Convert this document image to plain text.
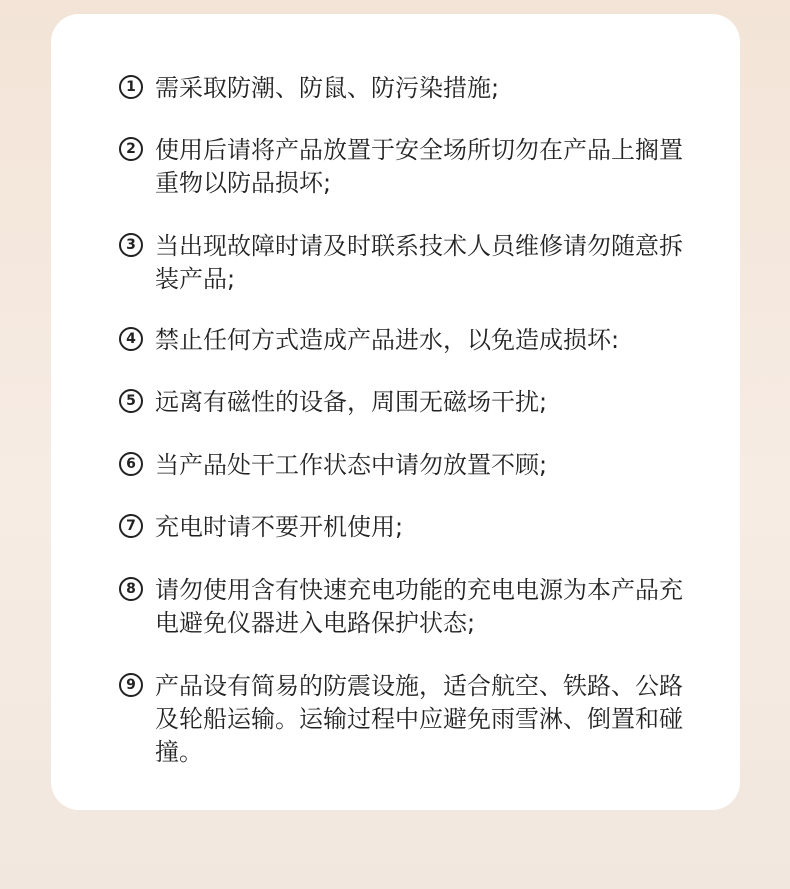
1 需采取防潮、防鼠、防污染措施;
2 使用后请将产品放置于安全场所切勿在产品上搁置重物以防品损坏;
3 当出现故障时请及时联系技术人员维修请勿随意拆装产品;
4 禁止任何方式造成产品进水，以免造成损坏:
5 远离有磁性的设备，周围无磁场干扰;
6 当产品处干工作状态中请勿放置不顾;
7 充电时请不要开机使用;
8 请勿使用含有快速充电功能的充电电源为本产品充电避免仪器进入电路保护状态;
9 产品设有简易的防震设施，适合航空、铁路、公路及轮船运输。运输过程中应避免雨雪淋、倒置和碰撞。
